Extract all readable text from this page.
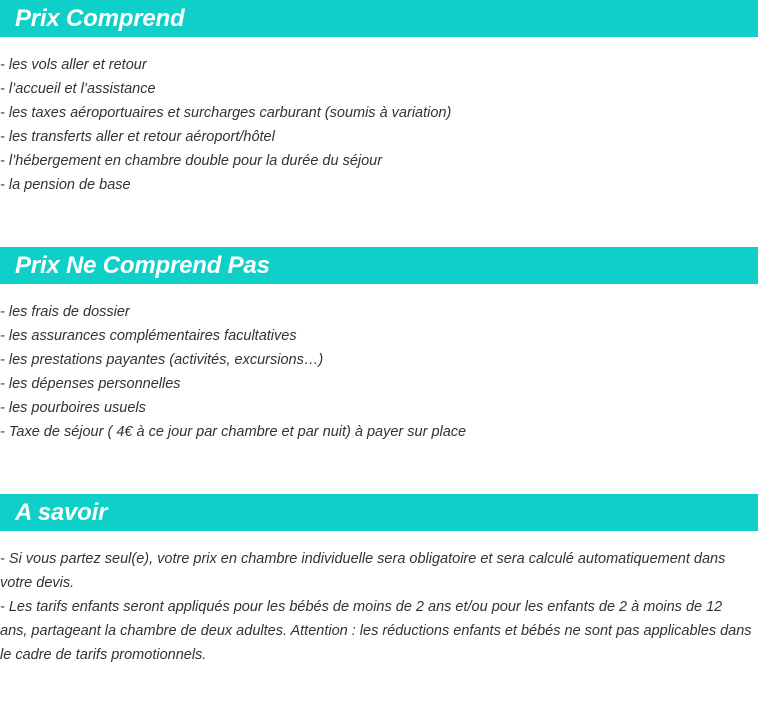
Prix Comprend
- les vols aller et retour
- l’accueil et l’assistance
- les taxes aéroportuaires et surcharges carburant (soumis à variation)
- les transferts aller et retour aéroport/hôtel
- l’hébergement en chambre double pour la durée du séjour
- la pension de base
Prix Ne Comprend Pas
- les frais de dossier
- les assurances complémentaires facultatives
- les prestations payantes (activités, excursions…)
- les dépenses personnelles
- les pourboires usuels
- Taxe de séjour ( 4€ à ce jour par chambre et par nuit) à payer sur place
A savoir

- Si vous partez seul(e), votre prix en chambre individuelle sera obligatoire et sera calculé automatiquement dans votre devis.

- Les tarifs enfants seront appliqués pour les bébés de moins de 2 ans et/ou pour les enfants de 2 à moins de 12 ans, partageant la chambre de deux adultes. Attention : les réductions enfants et bébés ne sont pas applicables dans le cadre de tarifs promotionnels.
